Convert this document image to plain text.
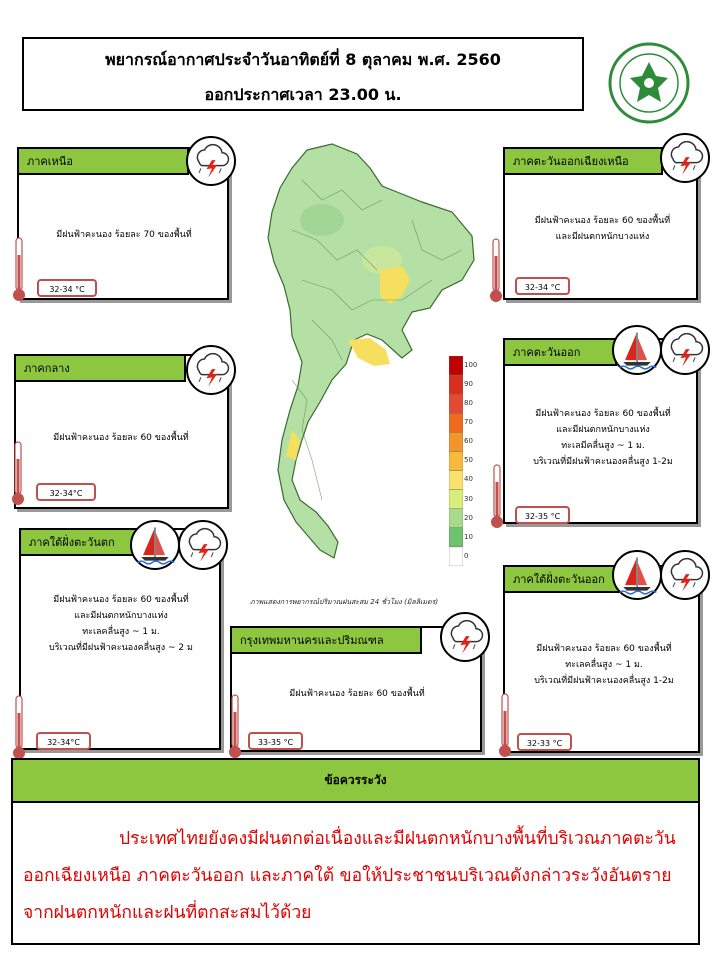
พยากรณ์อากาศประจำวันอาทิตย์ที่ 8 ตุลาคม พ.ศ. 2560
ออกประกาศเวลา 23.00 น.
ภาคเหนือ
มีฝนฟ้าคะนอง ร้อยละ 70 ของพื้นที่
32-34 °C
ภาคตะวันออกเฉียงเหนือ
มีฝนฟ้าคะนอง ร้อยละ 60 ของพื้นที่
และมีฝนตกหนักบางแห่ง
32-34 °C
ภาคกลาง
มีฝนฟ้าคะนอง ร้อยละ 60 ของพื้นที่
32-34°C
ภาคตะวันออก
มีฝนฟ้าคะนอง ร้อยละ 60 ของพื้นที่
และมีฝนตกหนักบางแห่ง
ทะเลมีคลื่นสูง ~ 1 ม.
บริเวณที่มีฝนฟ้าคะนองคลื่นสูง 1-2ม
32-35 °C
ภาคใต้ฝั่งตะวันตก
มีฝนฟ้าคะนอง ร้อยละ 60 ของพื้นที่
และมีฝนตกหนักบางแห่ง
ทะเลคลื่นสูง ~ 1 ม.
บริเวณที่มีฝนฟ้าคะนองคลื่นสูง ~ 2 ม
32-34°C
กรุงเทพมหานครและปริมณฑล
มีฝนฟ้าคะนอง ร้อยละ 60 ของพื้นที่
33-35 °C
ภาคใต้ฝั่งตะวันออก
มีฝนฟ้าคะนอง ร้อยละ 60 ของพื้นที่
ทะเลคลื่นสูง ~ 1 ม.
บริเวณที่มีฝนฟ้าคะนองคลื่นสูง 1-2ม
32-33 °C
100
90
80
70
60
50
40
30
20
10
0
ภาพแสดงการพยากรณ์ปริมาณฝนสะสม 24 ชั่วโมง (มิลลิเมตร)
ข้อควรระวัง
ประเทศไทยยังคงมีฝนตกต่อเนื่องและมีฝนตกหนักบางพื้นที่บริเวณภาคตะวันออกเฉียงเหนือ ภาคตะวันออก และภาคใต้ ขอให้ประชาชนบริเวณดังกล่าวระวังอันตรายจากฝนตกหนักและฝนที่ตกสะสมไว้ด้วย
